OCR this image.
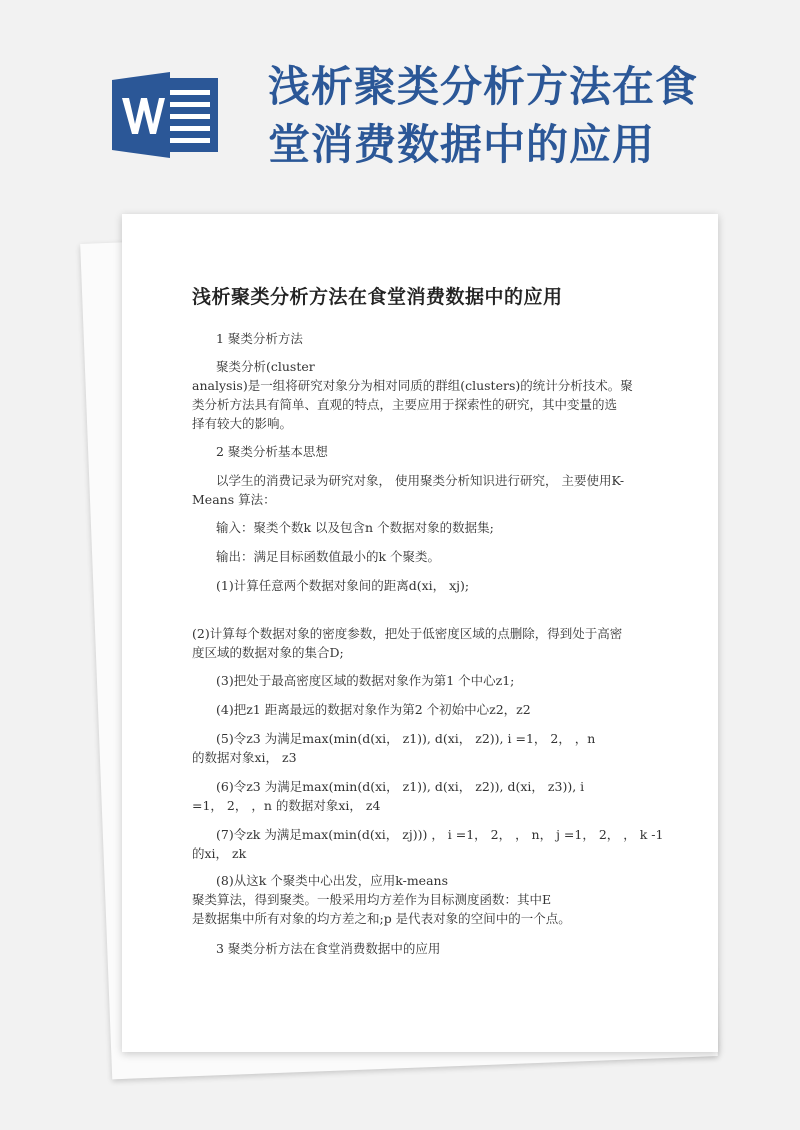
浅析聚类分析方法在食
堂消费数据中的应用
浅析聚类分析方法在食堂消费数据中的应用

1 聚类分析方法

聚类分析(cluster

analysis)是一组将研究对象分为相对同质的群组(clusters)的统计分析技术。聚

类分析方法具有简单、直观的特点，主要应用于探索性的研究，其中变量的选

择有较大的影响。

2 聚类分析基本思想

以学生的消费记录为研究对象， 使用聚类分析知识进行研究， 主要使用K-

Means 算法：

输入：聚类个数k 以及包含n 个数据对象的数据集;

输出：满足目标函数值最小的k 个聚类。

(1)计算任意两个数据对象间的距离d(xi， xj);

(2)计算每个数据对象的密度参数，把处于低密度区域的点删除，得到处于高密

度区域的数据对象的集合D;

(3)把处于最高密度区域的数据对象作为第1 个中心z1;

(4)把z1 距离最远的数据对象作为第2 个初始中心z2，z2

(5)令z3 为满足max(min(d(xi， z1)), d(xi， z2)), i =1， 2， ，n

的数据对象xi， z3

(6)令z3 为满足max(min(d(xi， z1)), d(xi， z2)), d(xi， z3)), i

=1， 2， ，n 的数据对象xi， z4

(7)令zk 为满足max(min(d(xi， zj))) ， i =1， 2， ， n， j =1， 2， ， k -1

的xi， zk

(8)从这k 个聚类中心出发，应用k-means

聚类算法，得到聚类。一般采用均方差作为目标测度函数：其中E

是数据集中所有对象的均方差之和;p 是代表对象的空间中的一个点。

3 聚类分析方法在食堂消费数据中的应用
